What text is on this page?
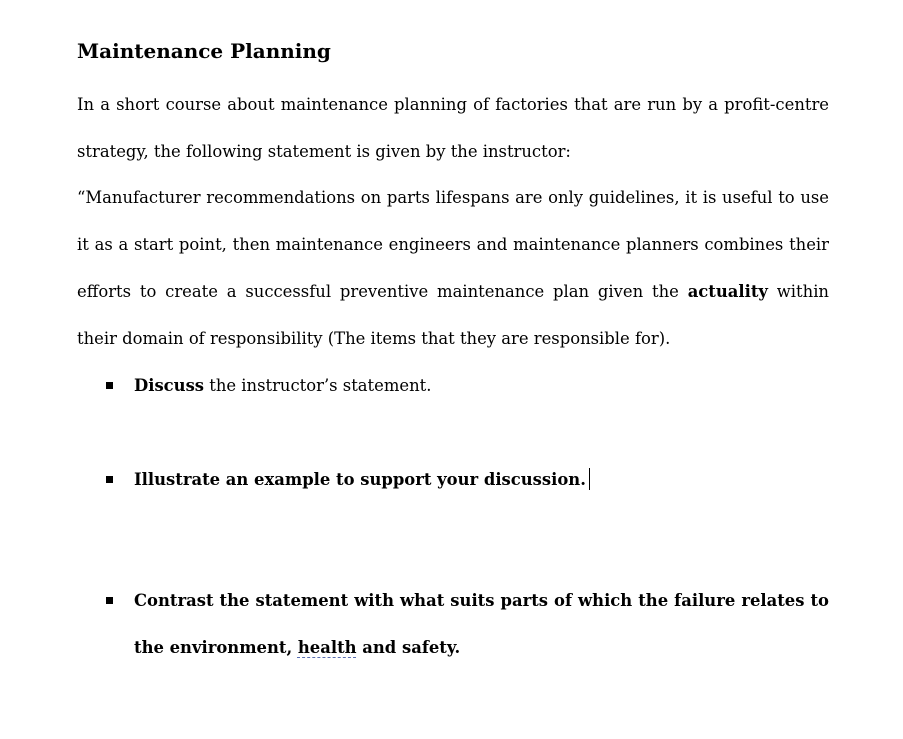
Maintenance Planning

In a short course about maintenance planning of factories that are run by a profit-centre strategy, the following statement is given by the instructor:

“Manufacturer recommendations on parts lifespans are only guidelines, it is useful to use it as a start point, then maintenance engineers and maintenance planners combines their efforts to create a successful preventive maintenance plan given the actuality within their domain of responsibility (The items that they are responsible for).

Discuss the instructor’s statement.

Illustrate an example to support your discussion.

Contrast the statement with what suits parts of which the failure relates to the environment, health and safety.
